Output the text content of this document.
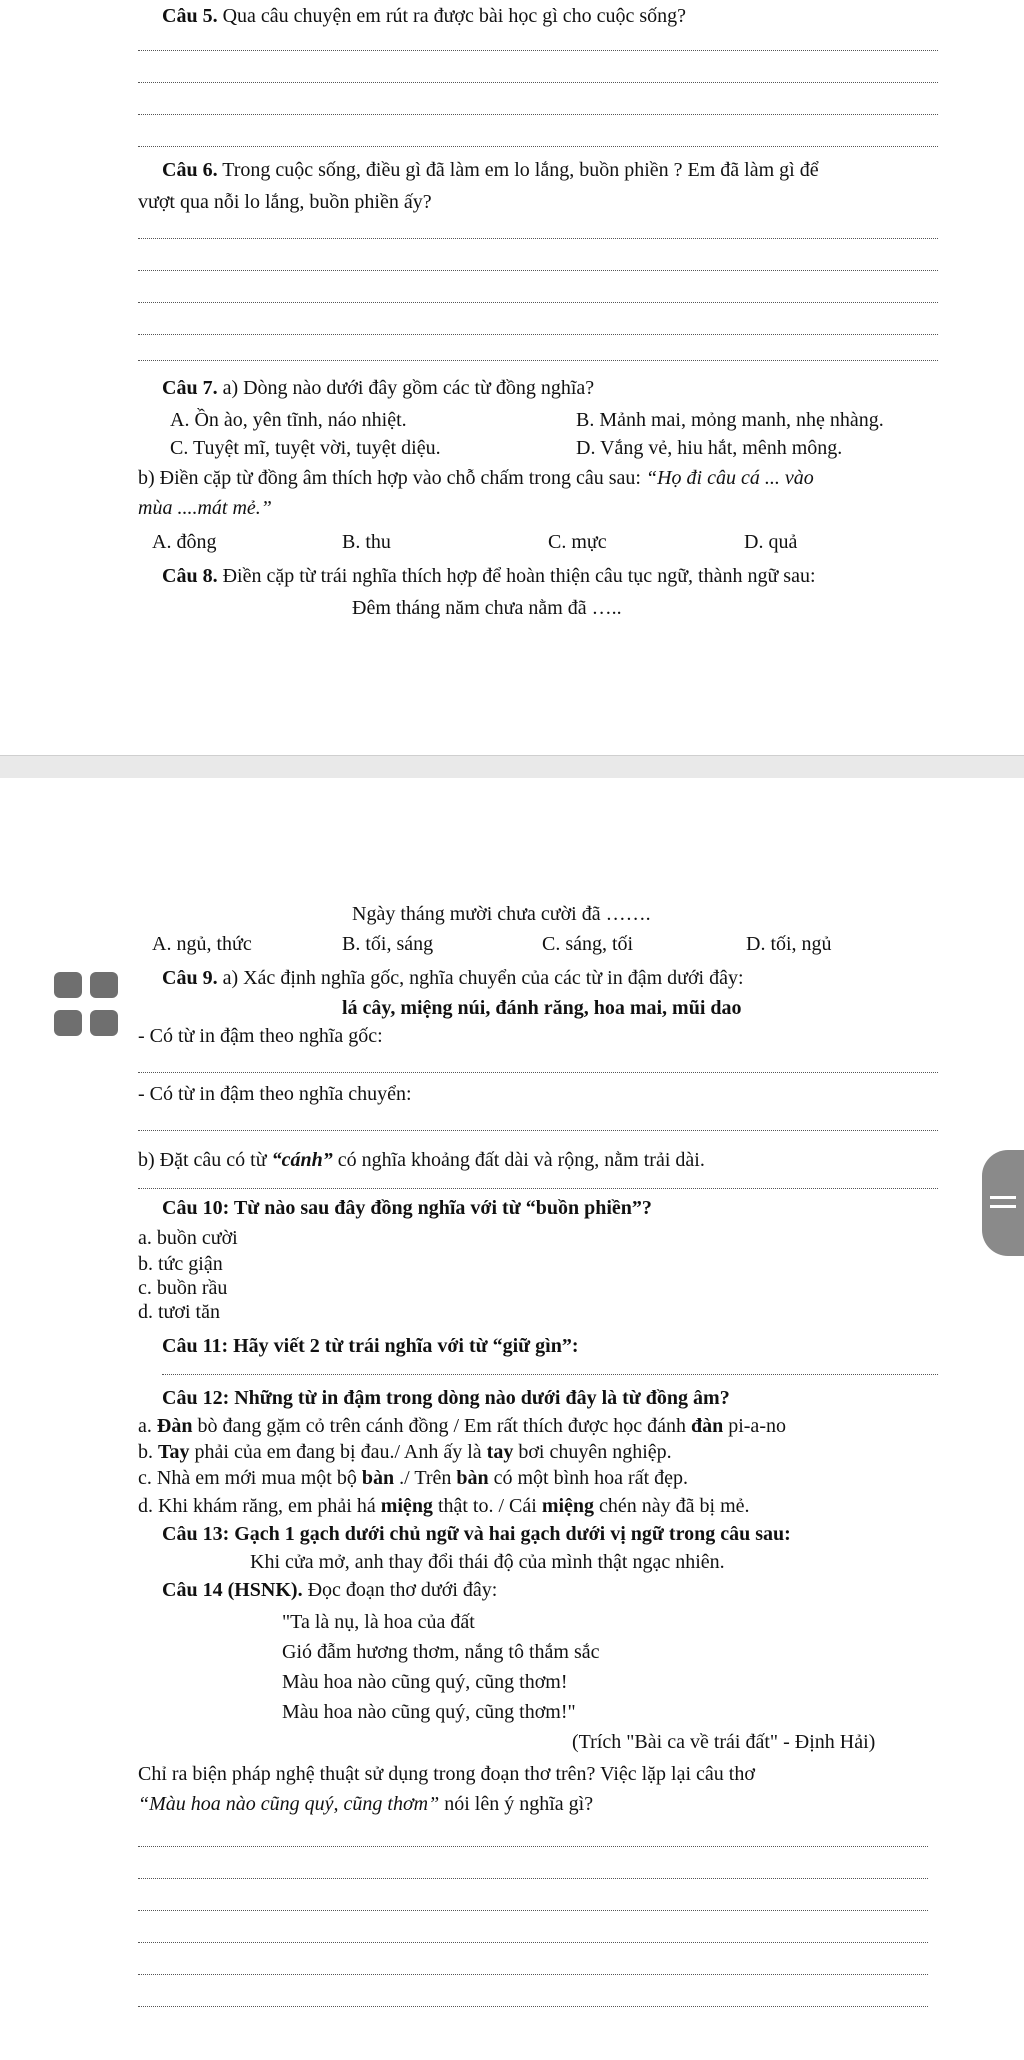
Câu 5. Qua câu chuyện em rút ra được bài học gì cho cuộc sống?
Câu 6. Trong cuộc sống, điều gì đã làm em lo lắng, buồn phiền ? Em đã làm gì để
vượt qua nỗi lo lắng, buồn phiền ấy?
Câu 7. a) Dòng nào dưới đây gồm các từ đồng nghĩa?
A. Ồn ào, yên tĩnh, náo nhiệt.	B. Mảnh mai, mỏng manh, nhẹ nhàng.
C. Tuyệt mĩ, tuyệt vời, tuyệt diệu.	D. Vắng vẻ, hiu hắt, mênh mông.
b) Điền cặp từ đồng âm thích hợp vào chỗ chấm trong câu sau: “Họ đi câu cá ... vào
mùa ....mát mẻ.”
A. đông	B. thu	C. mực	D. quả
Câu 8. Điền cặp từ trái nghĩa thích hợp để hoàn thiện câu tục ngữ, thành ngữ sau:
Đêm tháng năm chưa nằm đã …..
Ngày tháng mười chưa cười đã …….
A. ngủ, thức	B. tối, sáng	C. sáng, tối	D. tối, ngủ
Câu 9. a) Xác định nghĩa gốc, nghĩa chuyển của các từ in đậm dưới đây:
lá cây, miệng núi, đánh răng, hoa mai, mũi dao
- Có từ in đậm theo nghĩa gốc:
- Có từ in đậm theo nghĩa chuyển:
b) Đặt câu có từ “cánh” có nghĩa khoảng đất dài và rộng, nằm trải dài.
Câu 10: Từ nào sau đây đồng nghĩa với từ “buồn phiền”?
a. buồn cười
b. tức giận
c. buồn rầu
d. tươi tăn
Câu 11: Hãy viết 2 từ trái nghĩa với từ “giữ gìn”:
Câu 12: Những từ in đậm trong dòng nào dưới đây là từ đồng âm?
a. Đàn bò đang gặm cỏ trên cánh đồng / Em rất thích được học đánh đàn pi-a-no
b. Tay phải của em đang bị đau./ Anh ấy là tay bơi chuyên nghiệp.
c. Nhà em mới mua một bộ bàn ./ Trên bàn có một bình hoa rất đẹp.
d. Khi khám răng, em phải há miệng thật to. / Cái miệng chén này đã bị mẻ.
Câu 13: Gạch 1 gạch dưới chủ ngữ và hai gạch dưới vị ngữ trong câu sau:
Khi cửa mở, anh thay đổi thái độ của mình thật ngạc nhiên.
Câu 14 (HSNK). Đọc đoạn thơ dưới đây:
"Ta là nụ, là hoa của đất
Gió đẫm hương thơm, nắng tô thắm sắc
Màu hoa nào cũng quý, cũng thơm!
Màu hoa nào cũng quý, cũng thơm!"
(Trích "Bài ca về trái đất" - Định Hải)
Chỉ ra biện pháp nghệ thuật sử dụng trong đoạn thơ trên? Việc lặp lại câu thơ
“Màu hoa nào cũng quý, cũng thơm” nói lên ý nghĩa gì?
